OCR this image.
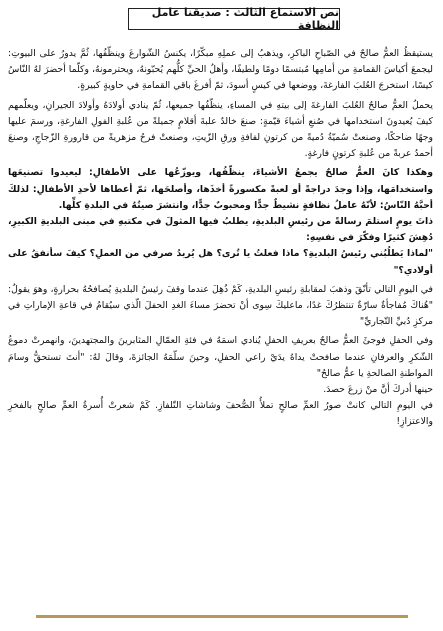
نص الاستماع الثالث : صديقنا عامل النظافة

يستيقظُ العمُّ صالحٌ في الصّباحِ الباكرِ، ويذهبُ إلى عملِهِ مبكّرًا، يكنسُ الشّوارعَ وينظّفُها، ثُمَّ يدورُ على البيوتِ: ليجمعَ أكياسَ القمامةِ من أمامِها مُبتسمًا دومًا ولطيفًا، وأهلُ الحيِّ كلُّهم يُحبّونهُ، ويحترمونهُ، وكلّما أحضرَ لهُ النّاسُ كيسًا، استخرجَ العُلبَ الفارغةَ، ووضعها في كيسٍ أسودَ، ثمّ أفرغَ باقي القمامةِ في حاويةٍ كبيرةٍ.

يحملُ العمُّ صالحٌ العُلبَ الفارغةَ إلى بيتهِ في المساءِ، ينظّفُها جميعها، ثُمّ ينادي أولادَهُ وأولادَ الجيرانِ، ويعلّمهم كيفَ يُعيدونَ استخدامها في صُنعِ أشياءَ قيّمةٍ: صنعَ خالدٌ علبةَ أقلامٍ جميلةً من عُلبةِ الفولِ الفارغةِ، ورسمَ عليها وجهًا ضاحكًا، وصنعتْ سُميّةُ دُميةً من كرتونِ لفافةِ ورقِ الزّيتِ، وصنعتْ فرحُ مزهريةً من قارورةِ الزّجاجِ، وصنعَ أحمدُ عربةً من عُلبةِ كرتونٍ فارغةٍ.

وهكذا كانَ العمُّ صالحٌ يجمعُ الأشياءَ، ينظّفُها، ويوزّعُها على الأطفالِ: ليعيدوا تصنيعَها واستخدامَها، وإذا وجدَ دراجةً أو لعبةً مكسورةً أخذَها، وأصلحَها، ثمّ أعطاها لأحدِ الأطفالِ: لذلكَ أحبَّهُ النّاسُ: لأنّهُ عاملُ نظافةٍ نشيطٌ جدًّا ومحبوبٌ جدًّا، وانتشرَ صيتُهُ في البلدةِ كلِّها.

ذاتَ يومٍ استلمَ رسالةً من رئيسِ البلديةِ، يطلبُ فيها المثولَ في مكتبهِ في مبنى البلديةِ الكبيرِ، دُهِشَ كثيرًا وفكّرَ في نفسِهِ:

"لماذا يَطلُبُني رئيسُ البلديةِ؟ ماذا فعلتُ يا تُرى؟ هل يُريدُ صرفي من العملِ؟ كيفَ سأنفقُ على أولادي؟"

في اليومِ التالي تأنّقَ وذهبَ لمقابلةِ رئيسِ البلديةِ، كَمْ ذُهِلَ عندما وقفَ رئيسُ البلديةِ يُصافحُهُ بحرارةٍ، وهوَ يقولُ: "هُناكَ مُفاجأةٌ سارّةٌ تنتظرُكَ غدًا، ماعليكَ سِوى أنْ تحضرَ مساءَ الغدِ الحفلَ الّذي سيُقامُ في قاعةِ الإماراتِ في مركزِ دُبيِّ التّجاريِّ"

وفي الحفلِ فوجئَ العمُّ صالحٌ بعريفِ الحفلِ يُنادي اسمَهُ في فئةِ العمّالِ المثابرينَ والمجتهدينَ، وانهمرتْ دموعُ الشّكرِ والعرفانِ عندما صافحتْ يداهُ يدَيْ راعي الحفلِ، وحينَ سلّمَهُ الجائزةَ، وقالَ لهُ: "أنتَ تستحقُّ وسامَ المواطنةِ الصالحةِ يا عمُّ صالحُ"

حينها أدركَ أنَّ منْ زرعَ حصدَ.

في اليومِ التالي كانتْ صورُ العمِّ صالحٍ تملأُ الصُّحفَ وشاشاتِ التّلفازِ. كَمْ شعرتْ أُسرةُ العمِّ صالحٍ بالفخرِ والاعتزازِ!
